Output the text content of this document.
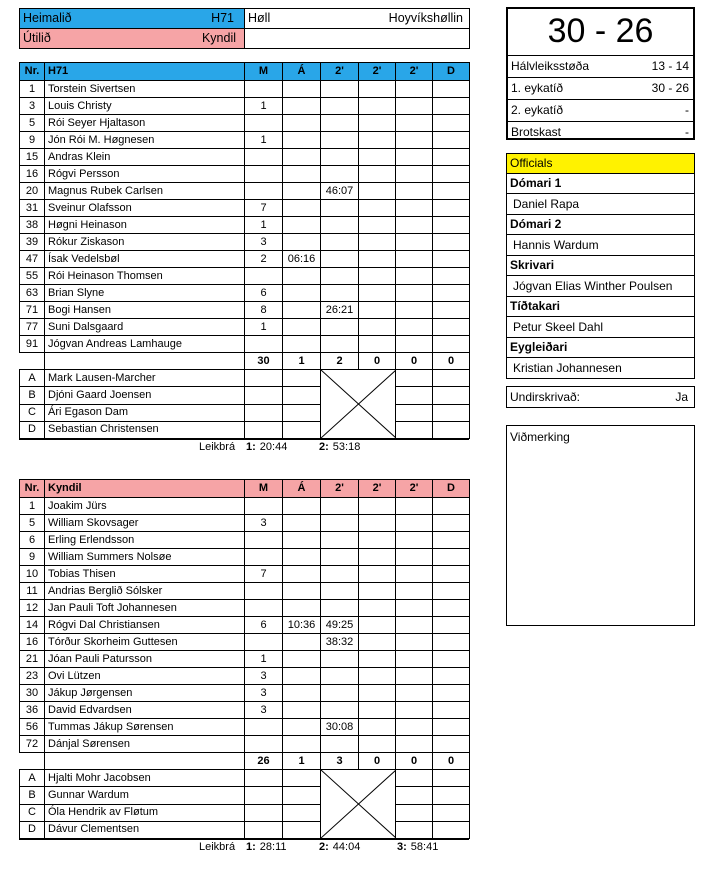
Heimalið H71	Høll Hoyvíkshøllin

Útilið Kyndil	

Nr.	H71	M	Á	2'	2'	2'	D
1	Torstein Sivertsen						
3	Louis Christy	1					
5	Rói Seyer Hjaltason						
9	Jón Rói M. Høgnesen	1					
15	Andras Klein						
16	Rógvi Persson						
20	Magnus Rubek Carlsen			46:07			
31	Sveinur Olafsson	7					
38	Høgni Heinason	1					
39	Rókur Ziskason	3					
47	Ísak Vedelsbøl	2	06:16				
55	Rói Heinason Thomsen						
63	Brian Slyne	6					
71	Bogi Hansen	8		26:21			
77	Suni Dalsgaard	1					
91	Jógvan Andreas Lamhauge						
		30	1	2	0	0	0
A	Mark Lausen-Marcher			

B	Djóni Gaard Joensen						
C	Ári Egason Dam						
D	Sebastian Christensen						
Leikbrá 1: 20:44	2: 53:18
Nr.	Kyndil	M	Á	2'	2'	2'	D
1	Joakim Jürs						
5	William Skovsager	3					
6	Erling Erlendsson						
9	William Summers Nolsøe						
10	Tobias Thisen	7					
11	Andrias Berglið Sólsker						
12	Jan Pauli Toft Johannesen						
14	Rógvi Dal Christiansen	6	10:36	49:25			
16	Tórður Skorheim Guttesen			38:32			
21	Jóan Pauli Patursson	1					
23	Ovi Lützen	3					
30	Jákup Jørgensen	3					
36	David Edvardsen	3					
56	Tummas Jákup Sørensen			30:08			
72	Dánjal Sørensen						
		26	1	3	0	0	0
A	Hjalti Mohr Jacobsen			

B	Gunnar Wardum						
C	Óla Hendrik av Fløtum						
D	Dávur Clementsen						
Leikbrá 1: 28:11	2: 44:04	3: 58:41
30 - 26
Hálvleiksstøða	13 - 14
1. eykatíð	30 - 26
2. eykatíð	-
Brotskast	-
Officials
Dómari 1
Daniel Rapa
Dómari 2
Hannis Wardum
Skrivari
Jógvan Elias Winther Poulsen
Tíðtakari
Petur Skeel Dahl
Eygleiðari
Kristian Johannesen
Undirskrivað:	Ja
Viðmerking
